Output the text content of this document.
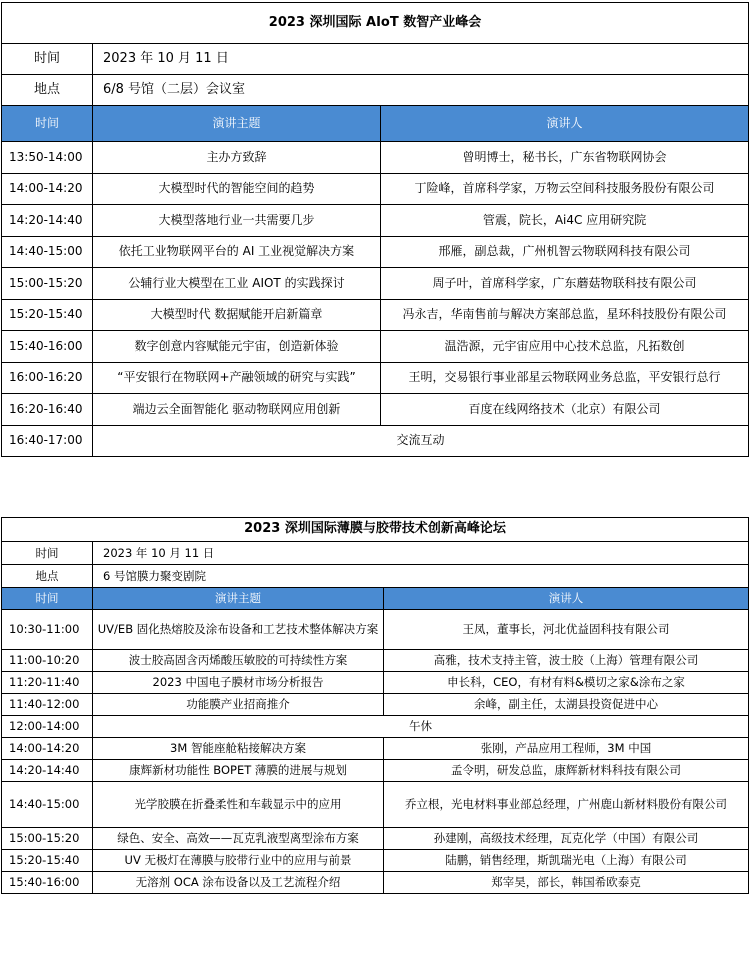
2023 深圳国际 AIoT 数智产业峰会		
时间	2023 年 10 月 11 日	
地点	6/8 号馆（二层）会议室	
时间	演讲主题	演讲人
13:50-14:00	主办方致辞	曾明博士，秘书长，广东省物联网协会
14:00-14:20	大模型时代的智能空间的趋势	丁险峰，首席科学家，万物云空间科技服务股份有限公司
14:20-14:40	大模型落地行业一共需要几步	管震，院长，Ai4C 应用研究院
14:40-15:00	依托工业物联网平台的 AI 工业视觉解决方案	邢雁，副总裁，广州机智云物联网科技有限公司
15:00-15:20	公辅行业大模型在工业 AIOT 的实践探讨	周子叶，首席科学家，广东蘑菇物联科技有限公司
15:20-15:40	大模型时代 数据赋能开启新篇章	冯永吉，华南售前与解决方案部总监，星环科技股份有限公司
15:40-16:00	数字创意内容赋能元宇宙，创造新体验	温浩源，元宇宙应用中心技术总监，凡拓数创
16:00-16:20	“平安银行在物联网+产融领域的研究与实践”	王明，交易银行事业部星云物联网业务总监，平安银行总行
16:20-16:40	端边云全面智能化 驱动物联网应用创新	百度在线网络技术（北京）有限公司
16:40-17:00	交流互动	
2023 深圳国际薄膜与胶带技术创新高峰论坛		
时间	2023 年 10 月 11 日	
地点	6 号馆膜力聚变剧院	
时间	演讲主题	演讲人
10:30-11:00	UV/EB 固化热熔胶及涂布设备和工艺技术整体解决方案	王凤，董事长，河北优益固科技有限公司
11:00-10:20	波士胶高固含丙烯酸压敏胶的可持续性方案	高雅，技术支持主管，波士胶（上海）管理有限公司
11:20-11:40	2023 中国电子膜材市场分析报告	申长科，CEO，有材有料&模切之家&涂布之家
11:40-12:00	功能膜产业招商推介	余峰，副主任，太湖县投资促进中心
12:00-14:00	午休	
14:00-14:20	3M 智能座舱粘接解决方案	张刚，产品应用工程师，3M 中国
14:20-14:40	康辉新材功能性 BOPET 薄膜的进展与规划	孟令明，研发总监，康辉新材料科技有限公司
14:40-15:00	光学胶膜在折叠柔性和车载显示中的应用	乔立根，光电材料事业部总经理，广州鹿山新材料股份有限公司
15:00-15:20	绿色、安全、高效——瓦克乳液型离型涂布方案	孙建刚，高级技术经理，瓦克化学（中国）有限公司
15:20-15:40	UV 无极灯在薄膜与胶带行业中的应用与前景	陆鹏，销售经理，斯凯瑞光电（上海）有限公司
15:40-16:00	无溶剂 OCA 涂布设备以及工艺流程介绍	郑宰昊，部长，韩国希欧泰克
